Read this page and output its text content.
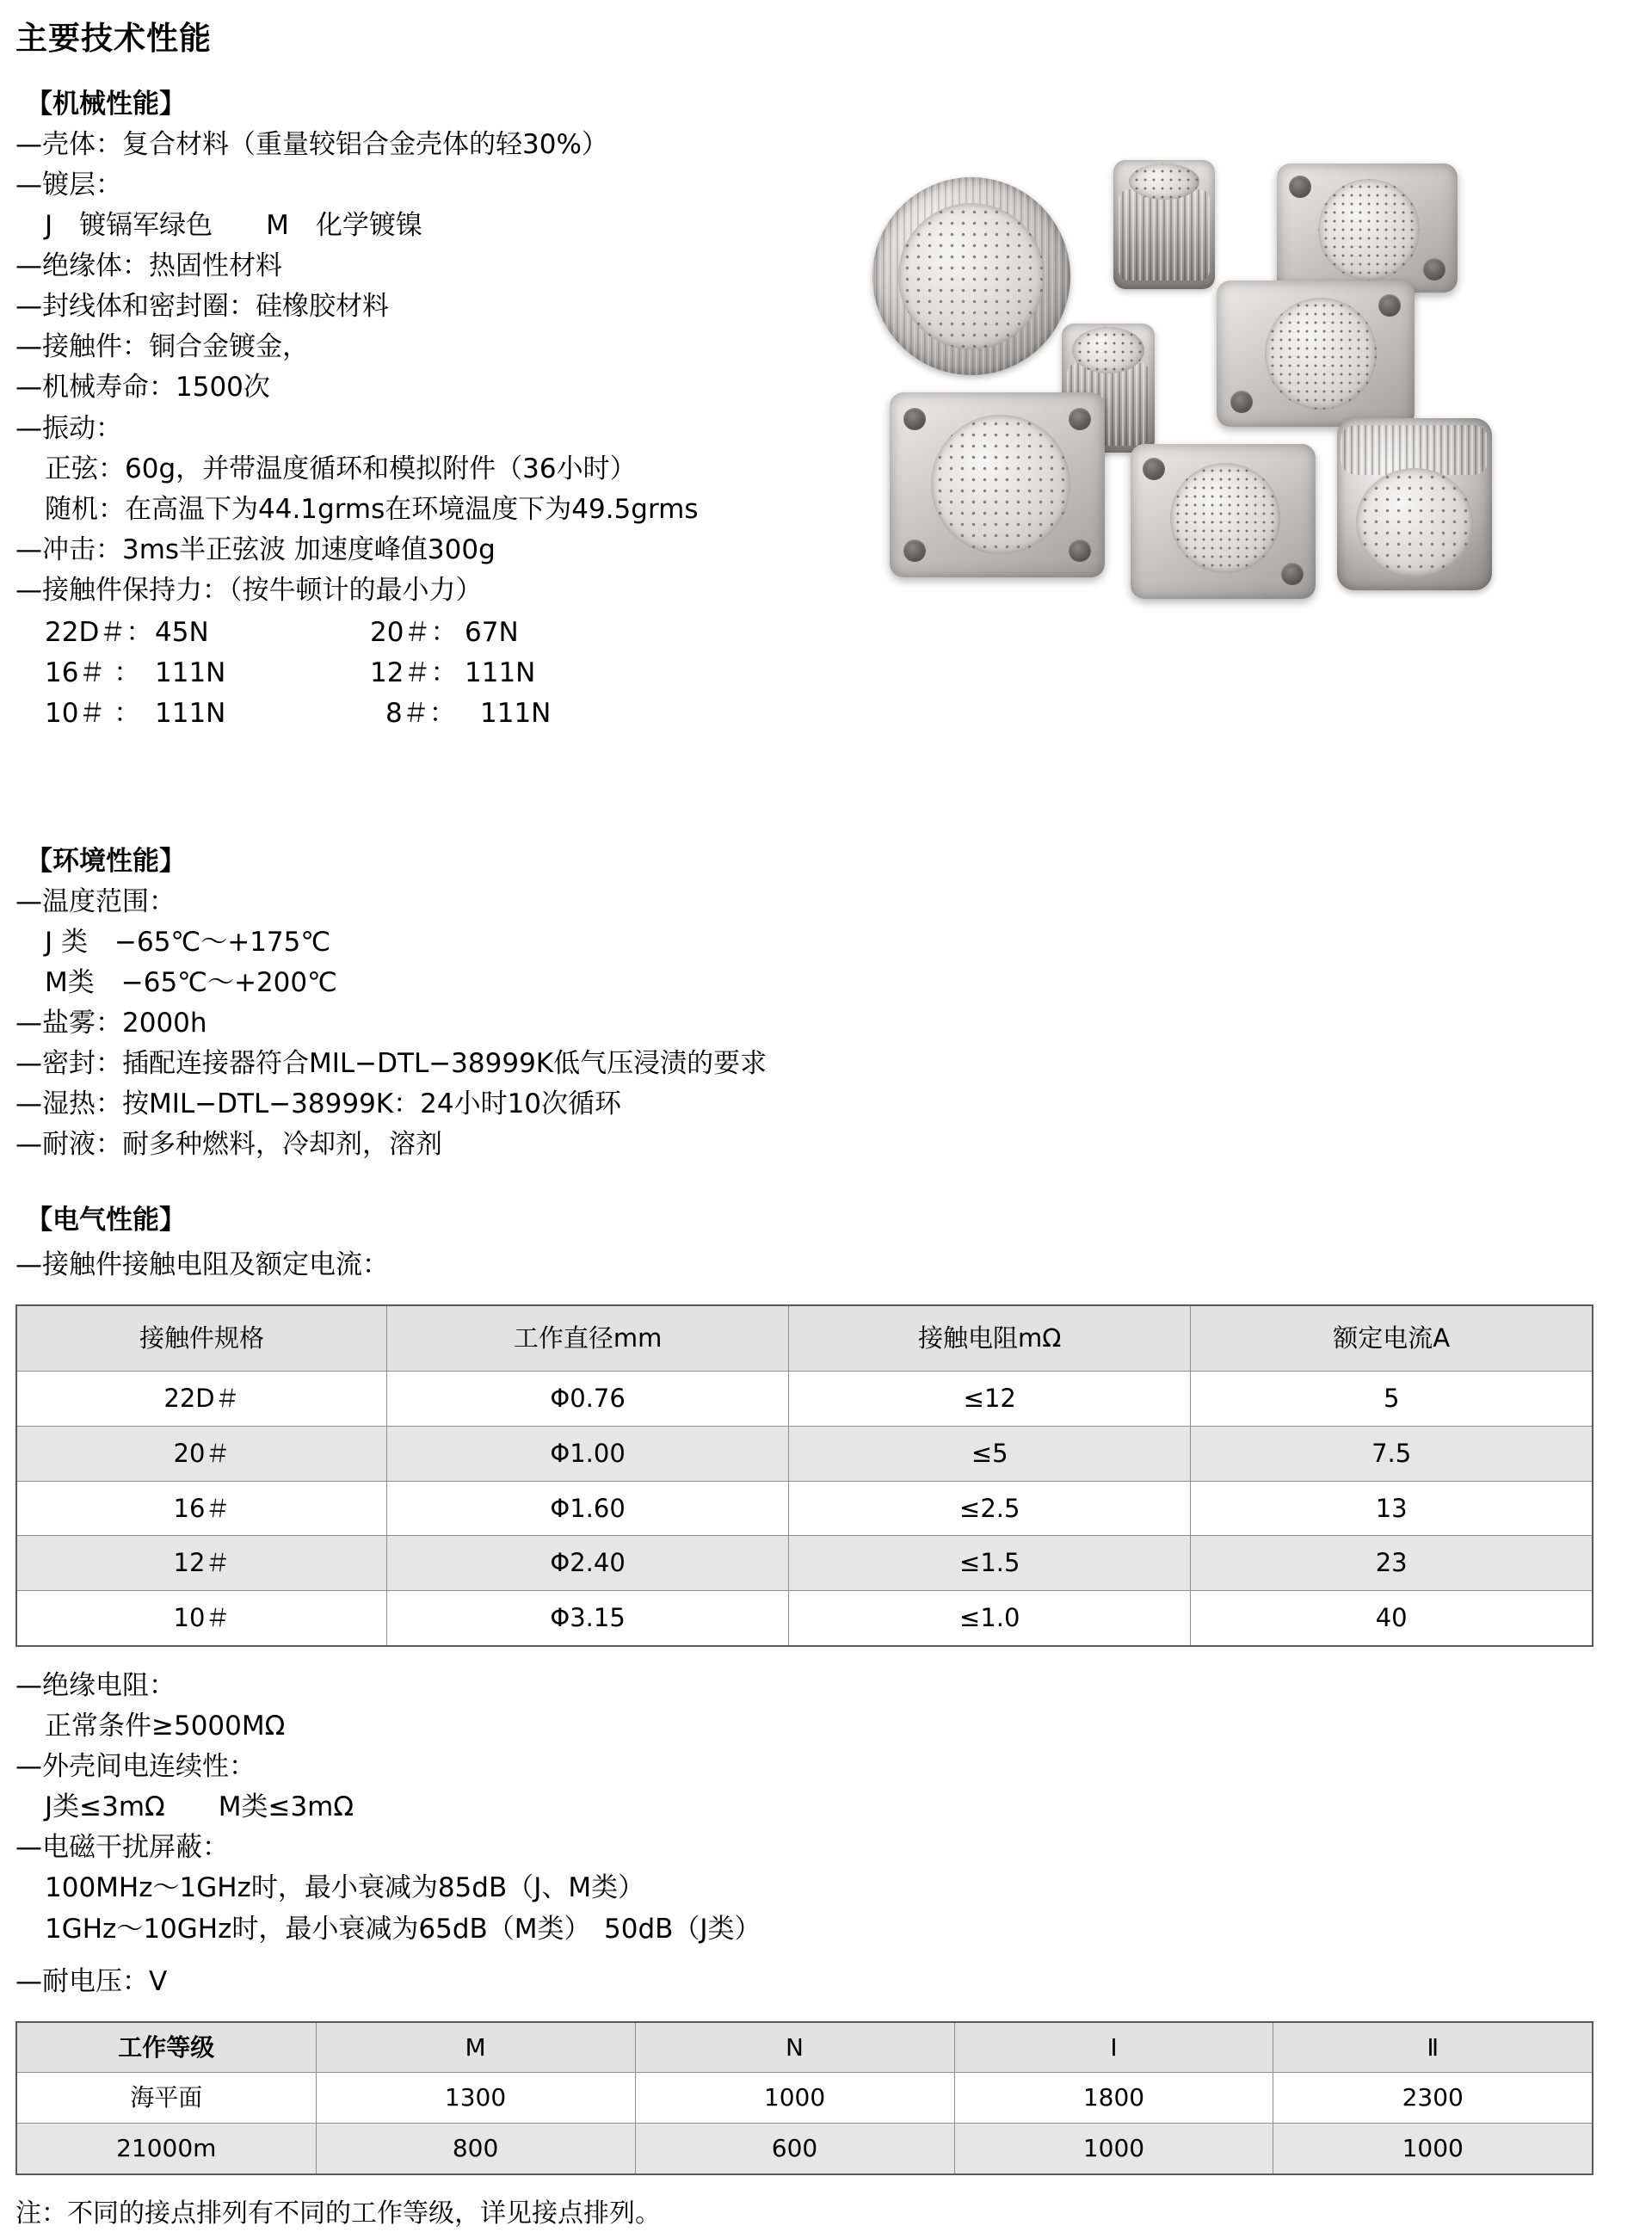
主要技术性能
【机械性能】
—壳体：复合材料（重量较铝合金壳体的轻30%）
—镀层：
J　镀镉军绿色　　M　化学镀镍
—绝缘体：热固性材料
—封线体和密封圈：硅橡胶材料
—接触件：铜合金镀金，
—机械寿命：1500次
—振动：
正弦：60g，并带温度循环和模拟附件（36小时）
随机：在高温下为44.1grms在环境温度下为49.5grms
—冲击：3ms半正弦波 加速度峰值300g
—接触件保持力：（按牛顿计的最小力）
22D＃： 45N	20＃： 67N
16＃ ： 111N	12＃： 111N
10＃ ： 111N	8＃： 111N
【环境性能】
—温度范围：
J 类　−65℃～+175℃
M类　−65℃～+200℃
—盐雾：2000h
—密封：插配连接器符合MIL−DTL−38999K低气压浸渍的要求
—湿热：按MIL−DTL−38999K：24小时10次循环
—耐液：耐多种燃料，冷却剂，溶剂
【电气性能】
—接触件接触电阻及额定电流：
接触件规格	工作直径mm	接触电阻mΩ	额定电流A
22D＃	Φ0.76	≤12	5
20＃	Φ1.00	≤5	7.5
16＃	Φ1.60	≤2.5	13
12＃	Φ2.40	≤1.5	23
10＃	Φ3.15	≤1.0	40
—绝缘电阻：
正常条件≥5000MΩ
—外壳间电连续性：
J类≤3mΩ　　M类≤3mΩ
—电磁干扰屏蔽：
100MHz～1GHz时，最小衰减为85dB（J、M类）
1GHz～10GHz时，最小衰减为65dB（M类）　50dB（J类）
—耐电压：V
工作等级	M	N	Ⅰ	Ⅱ
海平面	1300	1000	1800	2300
21000m	800	600	1000	1000
注：不同的接点排列有不同的工作等级，详见接点排列。
